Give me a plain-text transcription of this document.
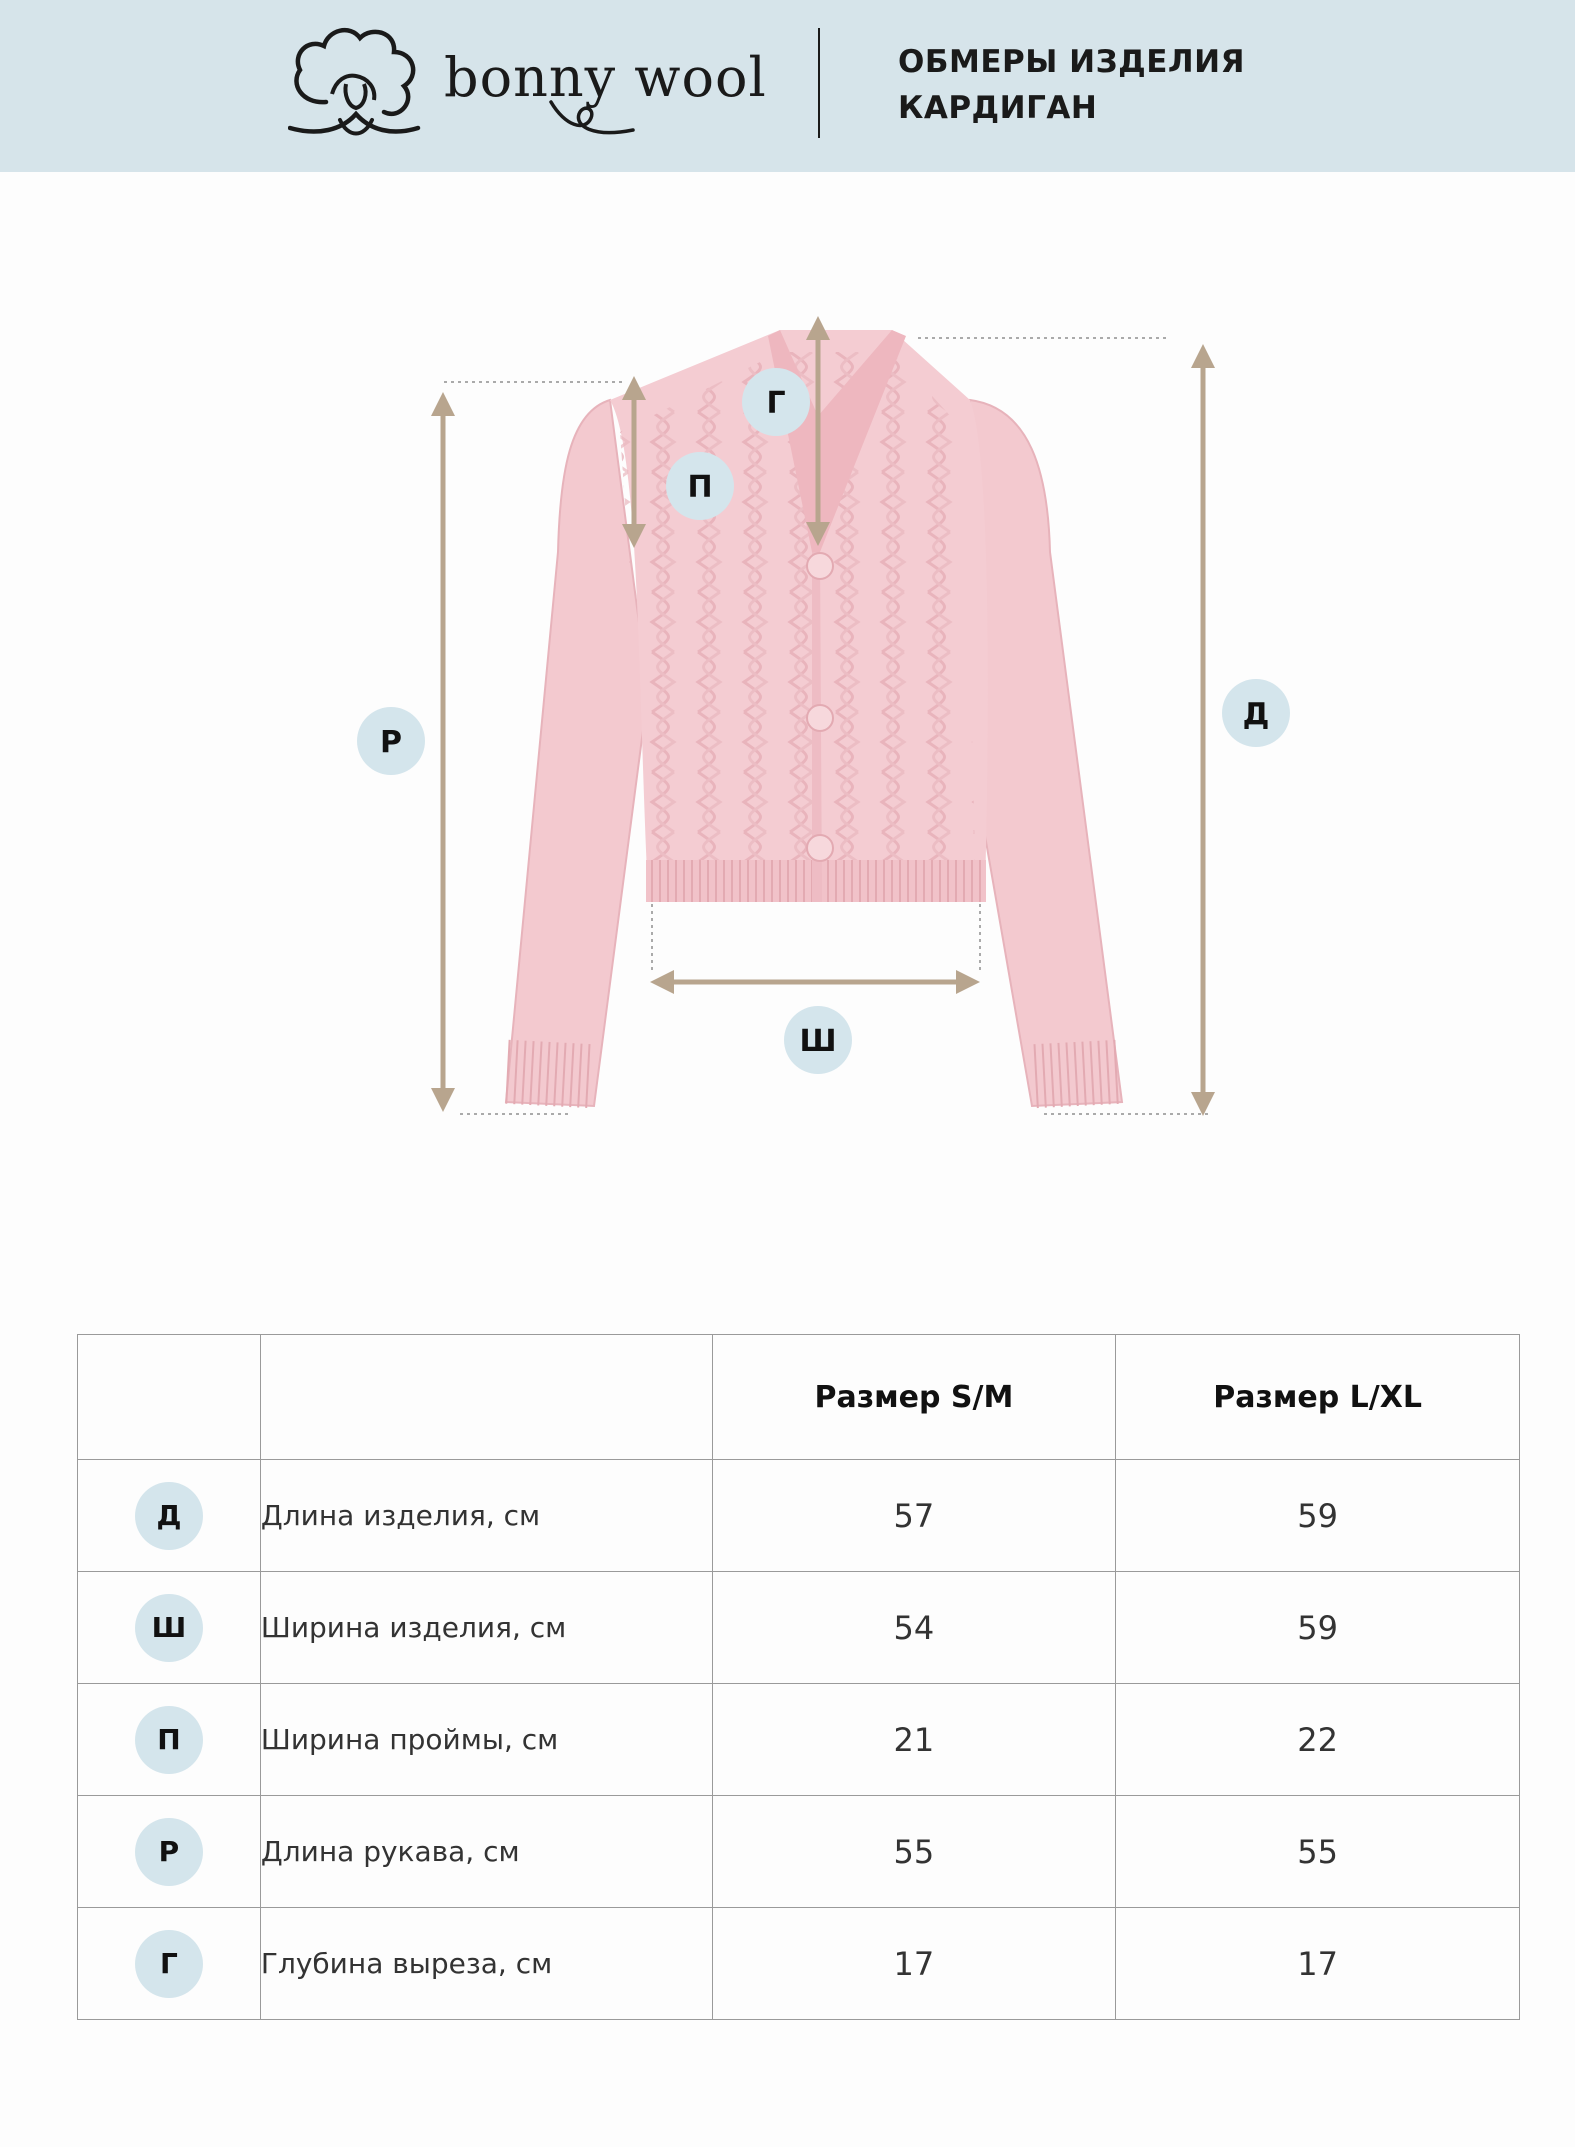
bonny wool	ОБМЕРЫ ИЗДЕЛИЯ
КАРДИГАН
Г
П
Р
Д
Ш
		Размер S/M	Размер L/XL
Д	Длина изделия, см	57	59
Ш	Ширина изделия, см	54	59
П	Ширина проймы, см	21	22
Р	Длина рукава, см	55	55
Г	Глубина выреза, см	17	17
